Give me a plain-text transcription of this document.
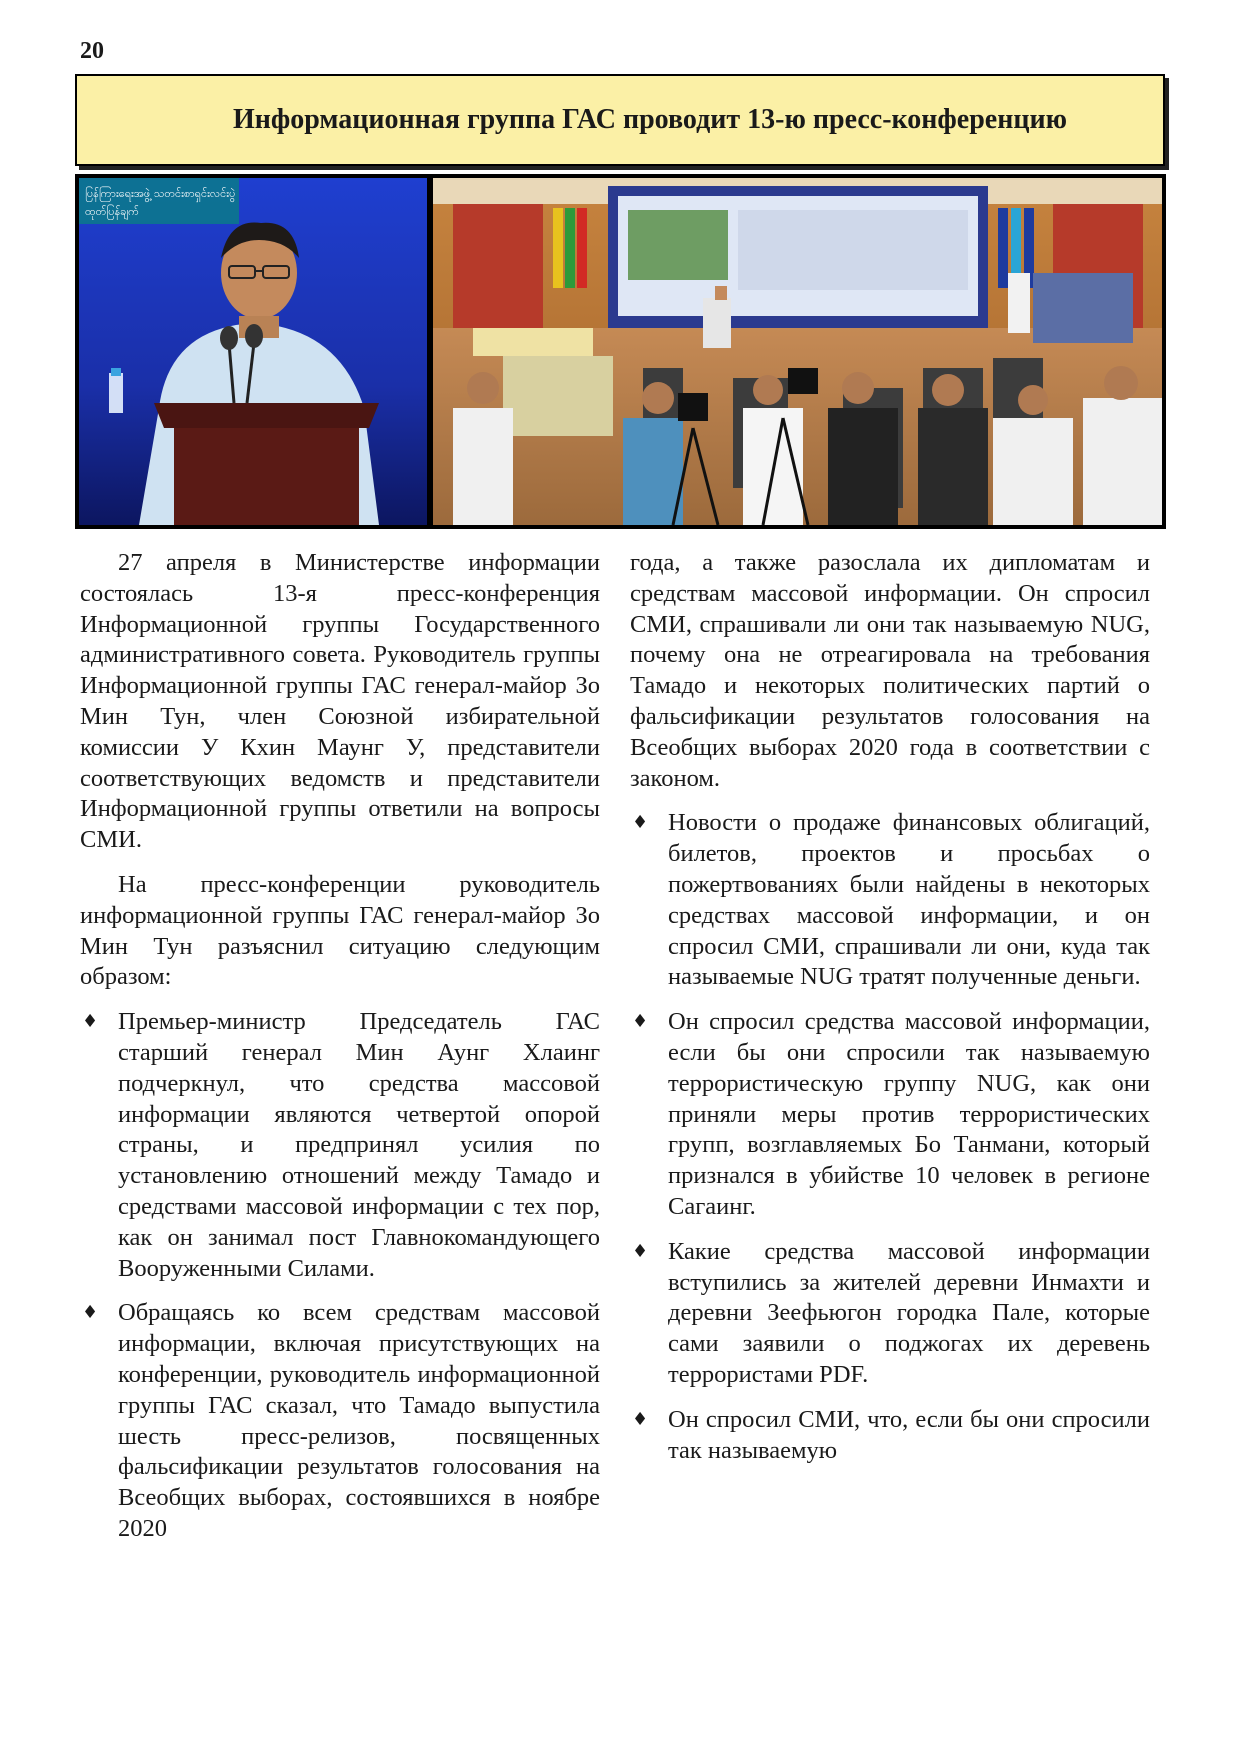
20
Информационная группа ГАС проводит 13-ю пресс-конференцию
ပြန်ကြားရေးအဖွဲ့ သတင်းစာရှင်းလင်းပွဲ
ထုတ်ပြန်ချက်

27 апреля в Министерстве информации состоялась 13-я пресс-конференция Информационной группы Государственного административного совета. Руководитель группы Информационной группы ГАС генерал-майор Зо Мин Тун, член Союзной избирательной комиссии У Кхин Маунг У, представители соответствующих ведомств и представители Информационной группы ответили на вопросы СМИ.

На пресс-конференции руководитель информационной группы ГАС генерал-майор Зо Мин Тун разъяснил ситуацию следующим образом:

♦ Премьер-министр Председатель ГАС старший генерал Мин Аунг Хлаинг подчеркнул, что средства массовой информации являются четвертой опорой страны, и предпринял усилия по установлению отношений между Тамадо и средствами массовой информации с тех пор, как он занимал пост Главнокомандующего Вооруженными Силами.
♦ Обращаясь ко всем средствам массовой информации, включая присутствующих на конференции, руководитель информационной группы ГАС сказал, что Тамадо выпустила шесть пресс-релизов, посвященных фальсификации результатов голосования на Всеобщих выборах, состоявшихся в ноябре 2020
года, а также разослала их дипломатам и средствам массовой информации. Он спросил СМИ, спрашивали ли они так называемую NUG, почему она не отреагировала на требования Тамадо и некоторых политических партий о фальсификации результатов голосования на Всеобщих выборах 2020 года в соответствии с законом.
♦ Новости о продаже финансовых облигаций, билетов, проектов и просьбах о пожертвованиях были найдены в некоторых средствах массовой информации, и он спросил СМИ, спрашивали ли они, куда так называемые NUG тратят полученные деньги.
♦ Он спросил средства массовой информации, если бы они спросили так называемую террористическую группу NUG, как они приняли меры против террористических групп, возглавляемых Бо Танмани, который признался в убийстве 10 человек в регионе Сагаинг.
♦ Какие средства массовой информации вступились за жителей деревни Инмахти и деревни Зеефьюгон городка Пале, которые сами заявили о поджогах их деревень террористами PDF.
♦ Он спросил СМИ, что, если бы они спросили так называемую
